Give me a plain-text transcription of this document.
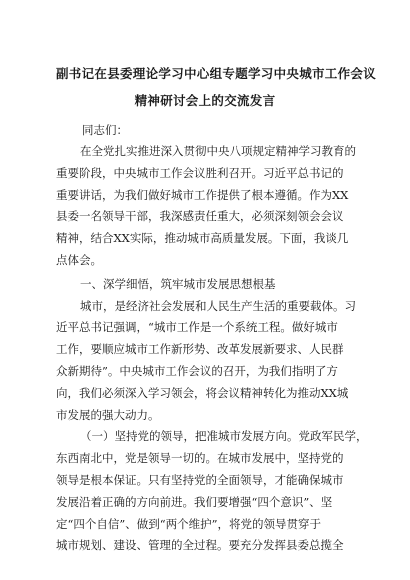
副书记在县委理论学习中心组专题学习中央城市工作会议
精神研讨会上的交流发言
同志们：

在全党扎实推进深入贯彻中央八项规定精神学习教育的
重要阶段，中央城市工作会议胜利召开。习近平总书记的
重要讲话，为我们做好城市工作提供了根本遵循。作为XX
县委一名领导干部，我深感责任重大，必须深刻领会会议
精神，结合XX实际，推动城市高质量发展。下面，我谈几
点体会。

一、深学细悟，筑牢城市发展思想根基

城市，是经济社会发展和人民生产生活的重要载体。习
近平总书记强调，“城市工作是一个系统工程。做好城市
工作，要顺应城市工作新形势、改革发展新要求、人民群
众新期待”。中央城市工作会议的召开，为我们指明了方
向，我们必须深入学习领会，将会议精神转化为推动XX城
市发展的强大动力。

（一）坚持党的领导，把准城市发展方向。党政军民学，
东西南北中，党是领导一切的。在城市发展中，坚持党的
领导是根本保证。只有坚持党的全面领导，才能确保城市
发展沿着正确的方向前进。我们要增强“四个意识”、坚
定“四个自信”、做到“两个维护”，将党的领导贯穿于
城市规划、建设、管理的全过程。要充分发挥县委总揽全
